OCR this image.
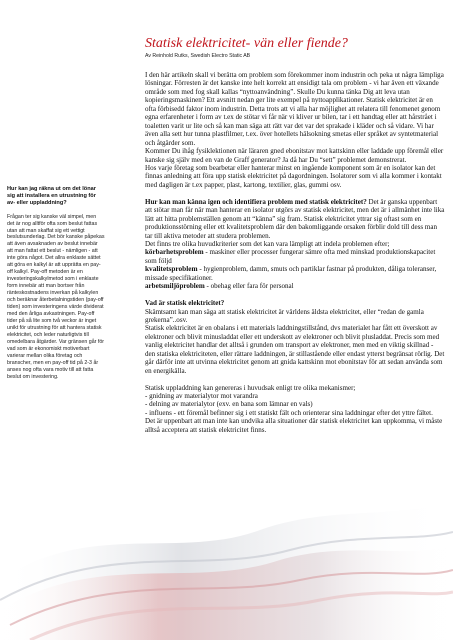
Statisk elektricitet- vän eller fiende?
Av Reinhold Rutks, Swedish Electro Static AB
Hur kan jag räkna ut om det lönar sig att installera en utrustning för av- eller uppladdning?

Frågan ter sig kanske väl simpel, men det är nog alltför ofta som beslut fattas utan att man skaffat sig ett vettigt beslutsunderlag. Det bör kanske påpekas att även avsaknaden av beslut innebär att man fattat ett beslut - nämligen - att inte göra något. Det allra enklaste sättet att göra en kalkyl är att upprätta en pay-off kalkyl. Pay-off metoden är en investeringskalkylmetod som i enklaste form innebär att man bortser från ränteskostnadens inverkan på kalkylen och beräknar återbetalningstiden (pay-off tiden) som investeringens värde dividerat med den årliga avkastningen. Pay-off tider på så lite som två veckor är inget unikt för utrustning för att hantera statisk elektricitet, och leder naturligtvis till omedelbara åtgärder. Var gränsen går för vad som är ekonomiskt motiverbart varierar mellan olika företag och branscher, men en pay-off tid på 2-3 år anses nog ofta vara motiv till att fatta beslut om investering.

I den här artikeln skall vi berätta om problem som förekommer inom industrin och peka ut några lämpliga lösningar. Förresten är det kanske inte helt korrekt att ensidigt tala om problem - vi har även ett växande område som med fog skall kallas “nyttoanvändning”. Skulle Du kunna tänka Dig att leva utan kopieringsmaskinen? Ett avsnitt nedan ger lite exempel på nyttoapplikationer. Statisk elektricitet är en ofta förbisedd faktor inom industrin. Detta trots att vi alla har möjlighet att relatera till fenomenet genom egna erfarenheter i form av t.ex de stötar vi får när vi kliver ur bilen, tar i ett handtag eller att hårstrået i toaletten varit ur lite och så kan man säga att rätt var det var det sprakade i kläder och så vidare. Vi har även alla sett hur tunna plastfilmer, t.ex. över hotellets hälsokning smetas eller språket av syntetmaterial och åtgärder som.

Kommer Du ihåg fysiklektionen när läraren gned ebonitstav mot kattskinn eller laddade upp föremål eller kanske sig själv med en van de Graff generator? Ja då har Du “sett” problemet demonstrerat.

Hos varje företag som bearbetar eller hanterar minst en ingående komponent som är en isolator kan det finnas anledning att föra upp statisk elektricitet på dagordningen. Isolatorer som vi alla kommer i kontakt med dagligen är t.ex papper, plast, kartong, textilier, glas, gummi osv.

Hur kan man känna igen och identifiera problem med statisk elektricitet? Det är ganska uppenbart att stötar man får när man hanterar en isolator utgörs av statisk elektricitet, men det är i allmänhet inte lika lätt att hitta problemställen genom att “känna” sig fram. Statisk elektricitet yttrar sig oftast som en produktionsstörning eller ett kvalitetsproblem där den bakomliggande orsaken förblir dold till dess man tar till aktiva metoder att studera problemen.

Det finns tre olika huvudkriterier som det kan vara lämpligt att indela problemen efter;

körbarhetsproblem - maskiner eller processer fungerar sämre ofta med minskad produktionskapacitet som följd

kvalitetsproblem - hygienproblem, damm, smuts och partiklar fastnar på produkten, dåliga toleranser, missade specifikationer.

arbetsmiljöproblem - obehag eller fara för personal

Vad är statisk elektricitet?

Skämtsamt kan man säga att statisk elektricitet är världens äldsta elektricitet, eller “redan de gamla grekerna”..osv.

Statisk elektricitet är en obalans i ett materials laddningstillstånd, dvs materialet har fått ett överskott av elektroner och blivit minusladdat eller ett underskott av elektroner och blivit plusladdat. Precis som med vanlig elektricitet handlar det alltså i grunden om transport av elektroner, men med en viktig skillnad - den statiska elektriciteten, eller rättare laddningen, är stillastående eller endast ytterst begränsat rörlig. Det går därför inte att utvinna elektricitet genom att gnida kattskinn mot ebonitstav för att sedan använda som en energikälla.

Statisk uppladdning kan genereras i huvudsak enligt tre olika mekanismer;

- gnidning av materialytor mot varandra

- delning av materialytor (exv. en bana som lämnar en vals)

- influens - ett föremål befinner sig i ett statiskt fält och orienterar sina laddningar efter det yttre fältet.

Det är uppenbart att man inte kan undvika alla situationer där statisk elektricitet kan uppkomma, vi måste alltså acceptera att statisk elektricitet finns.
